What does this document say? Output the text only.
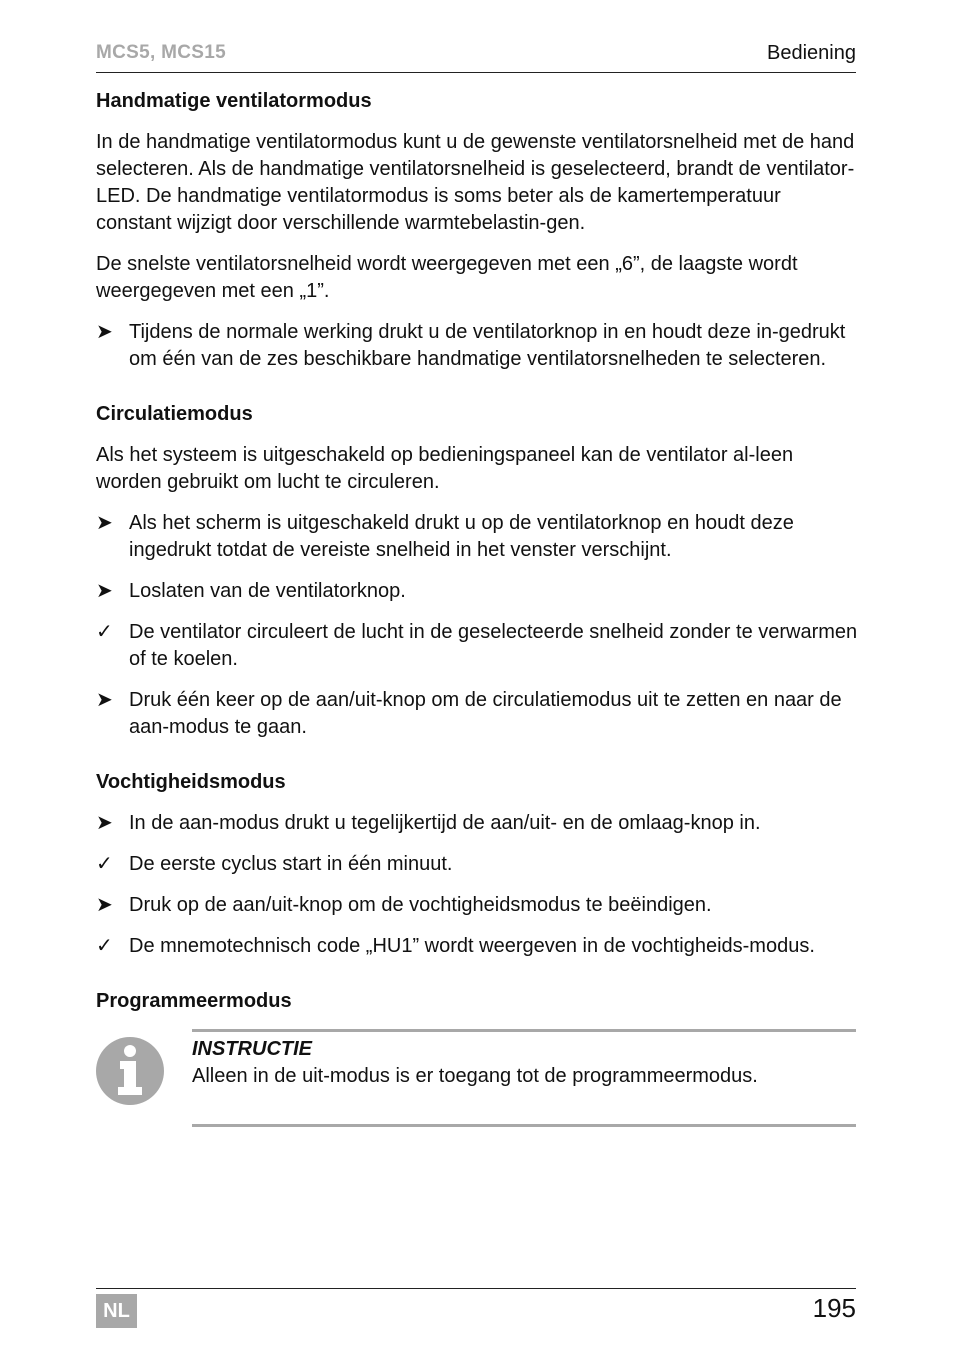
MCS5, MCS15	Bediening
Handmatige ventilatormodus

In de handmatige ventilatormodus kunt u de gewenste ventilatorsnelheid met de hand selecteren. Als de handmatige ventilatorsnelheid is geselecteerd, brandt de ventilator-LED. De handmatige ventilatormodus is soms beter als de kamertemperatuur constant wijzigt door verschillende warmtebelastin-gen.

De snelste ventilatorsnelheid wordt weergegeven met een „6”, de laagste wordt weergegeven met een „1”.

➤ Tijdens de normale werking drukt u de ventilatorknop in en houdt deze in-gedrukt om één van de zes beschikbare handmatige ventilatorsnelheden te selecteren.
Circulatiemodus

Als het systeem is uitgeschakeld op bedieningspaneel kan de ventilator al-leen worden gebruikt om lucht te circuleren.

➤ Als het scherm is uitgeschakeld drukt u op de ventilatorknop en houdt deze ingedrukt totdat de vereiste snelheid in het venster verschijnt.
➤ Loslaten van de ventilatorknop.
✓ De ventilator circuleert de lucht in de geselecteerde snelheid zonder te verwarmen of te koelen.
➤ Druk één keer op de aan/uit-knop om de circulatiemodus uit te zetten en naar de aan-modus te gaan.
Vochtigheidsmodus
➤ In de aan-modus drukt u tegelijkertijd de aan/uit- en de omlaag-knop in.
✓ De eerste cyclus start in één minuut.
➤ Druk op de aan/uit-knop om de vochtigheidsmodus te beëindigen.
✓ De mnemotechnisch code „HU1” wordt weergeven in de vochtigheids-modus.
Programmeermodus
INSTRUCTIE
Alleen in de uit-modus is er toegang tot de programmeermodus.
NL	195
